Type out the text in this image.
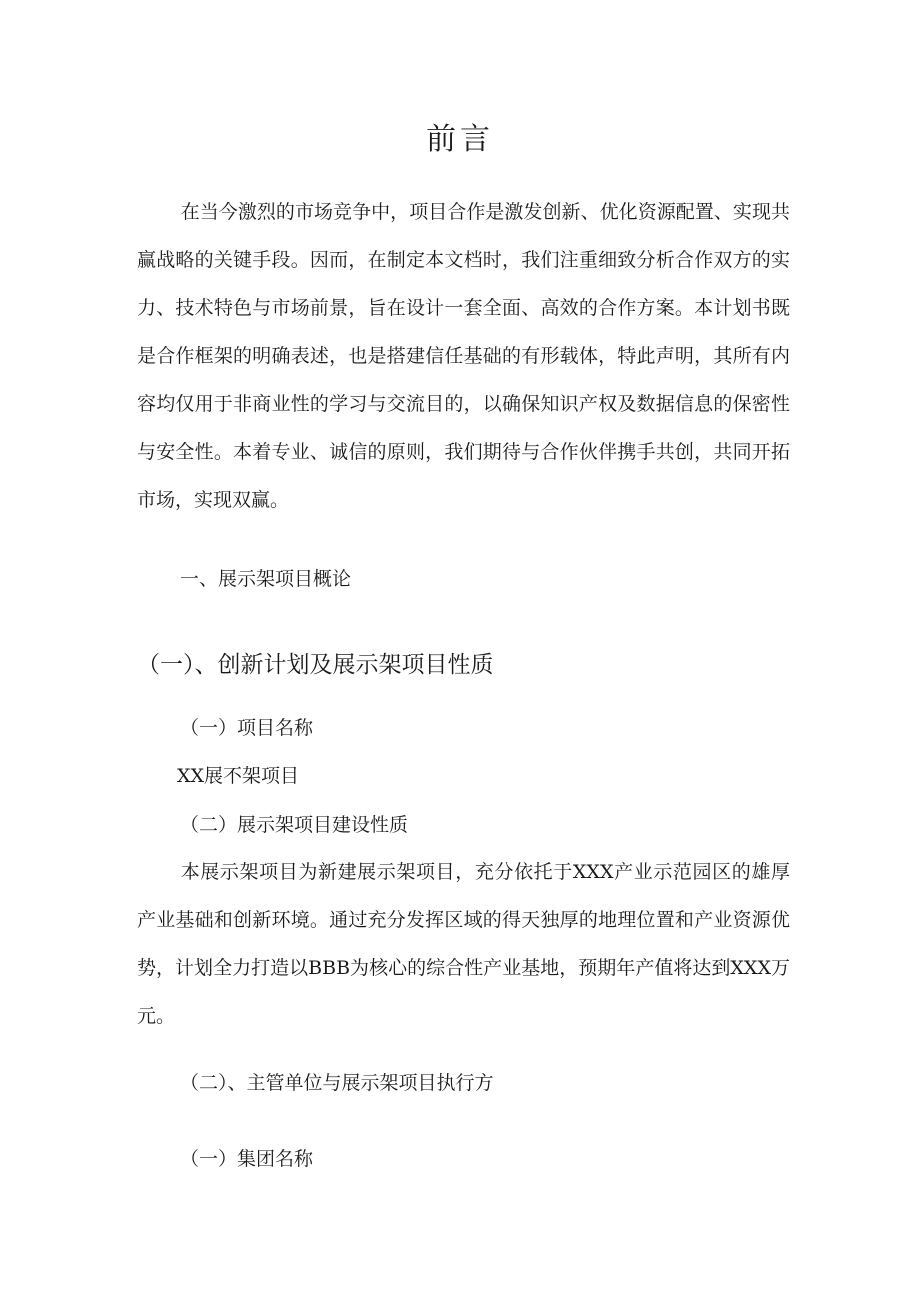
前言

在当今激烈的市场竞争中，项目合作是激发创新、优化资源配置、实现共赢战略的关键手段。因而，在制定本文档时，我们注重细致分析合作双方的实力、技术特色与市场前景，旨在设计一套全面、高效的合作方案。本计划书既是合作框架的明确表述，也是搭建信任基础的有形载体，特此声明，其所有内容均仅用于非商业性的学习与交流目的，以确保知识产权及数据信息的保密性与安全性。本着专业、诚信的原则，我们期待与合作伙伴携手共创，共同开拓市场，实现双赢。

一、展示架项目概论
（一）、创新计划及展示架项目性质
（一）项目名称
XX展不架项目
（二）展示架项目建设性质

本展示架项目为新建展示架项目，充分依托于XXX产业示范园区的雄厚产业基础和创新环境。通过充分发挥区域的得天独厚的地理位置和产业资源优势，计划全力打造以BBB为核心的综合性产业基地，预期年产值将达到XXX万元。

（二）、主管单位与展示架项目执行方
（一）集团名称
